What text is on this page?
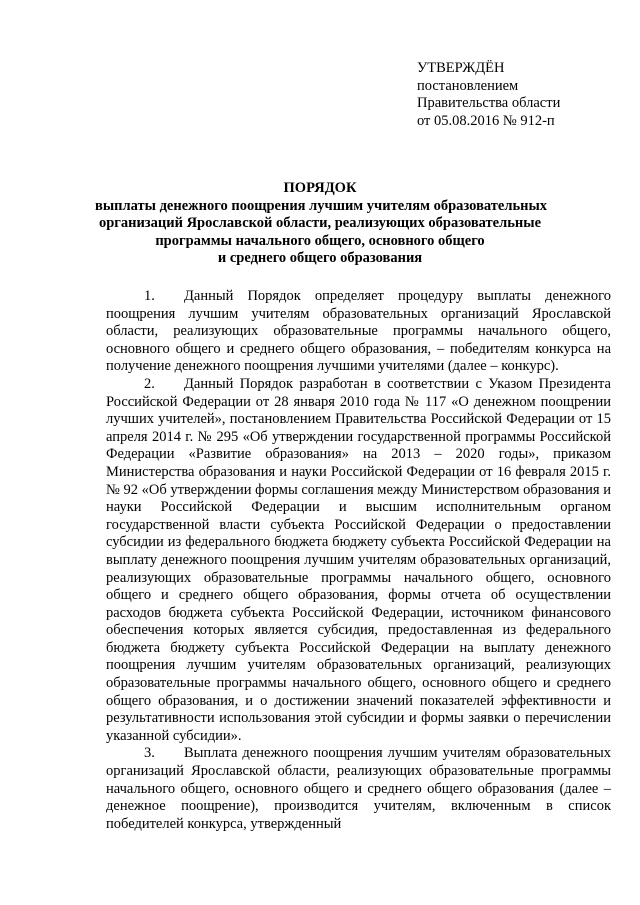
УТВЕРЖДЁН
постановлением
Правительства области
от 05.08.2016 № 912-п
ПОРЯДОК
выплаты денежного поощрения лучшим учителям образовательных
организаций Ярославской области, реализующих образовательные
программы начального общего, основного общего
и среднего общего образования

1. Данный Порядок определяет процедуру выплаты денежного поощрения лучшим учителям образовательных организаций Ярославской области, реализующих образовательные программы начального общего, основного общего и среднего общего образования, – победителям конкурса на получение денежного поощрения лучшими учителями (далее – конкурс).

2. Данный Порядок разработан в соответствии с Указом Президента Российской Федерации от 28 января 2010 года № 117 «О денежном поощрении лучших учителей», постановлением Правительства Российской Федерации от 15 апреля 2014 г. № 295 «Об утверждении государственной программы Российской Федерации «Развитие образования» на 2013 – 2020 годы», приказом Министерства образования и науки Российской Федерации от 16 февраля 2015 г. № 92 «Об утверждении формы соглашения между Министерством образования и науки Российской Федерации и высшим исполнительным органом государственной власти субъекта Российской Федерации о предоставлении субсидии из федерального бюджета бюджету субъекта Российской Федерации на выплату денежного поощрения лучшим учителям образовательных организаций, реализующих образовательные программы начального общего, основного общего и среднего общего образования, формы отчета об осуществлении расходов бюджета субъекта Российской Федерации, источником финансового обеспечения которых является субсидия, предоставленная из федерального бюджета бюджету субъекта Российской Федерации на выплату денежного поощрения лучшим учителям образовательных организаций, реализующих образовательные программы начального общего, основного общего и среднего общего образования, и о достижении значений показателей эффективности и результативности использования этой субсидии и формы заявки о перечислении указанной субсидии».

3. Выплата денежного поощрения лучшим учителям образовательных организаций Ярославской области, реализующих образовательные программы начального общего, основного общего и среднего общего образования (далее – денежное поощрение), производится учителям, включенным в список победителей конкурса, утвержденный
